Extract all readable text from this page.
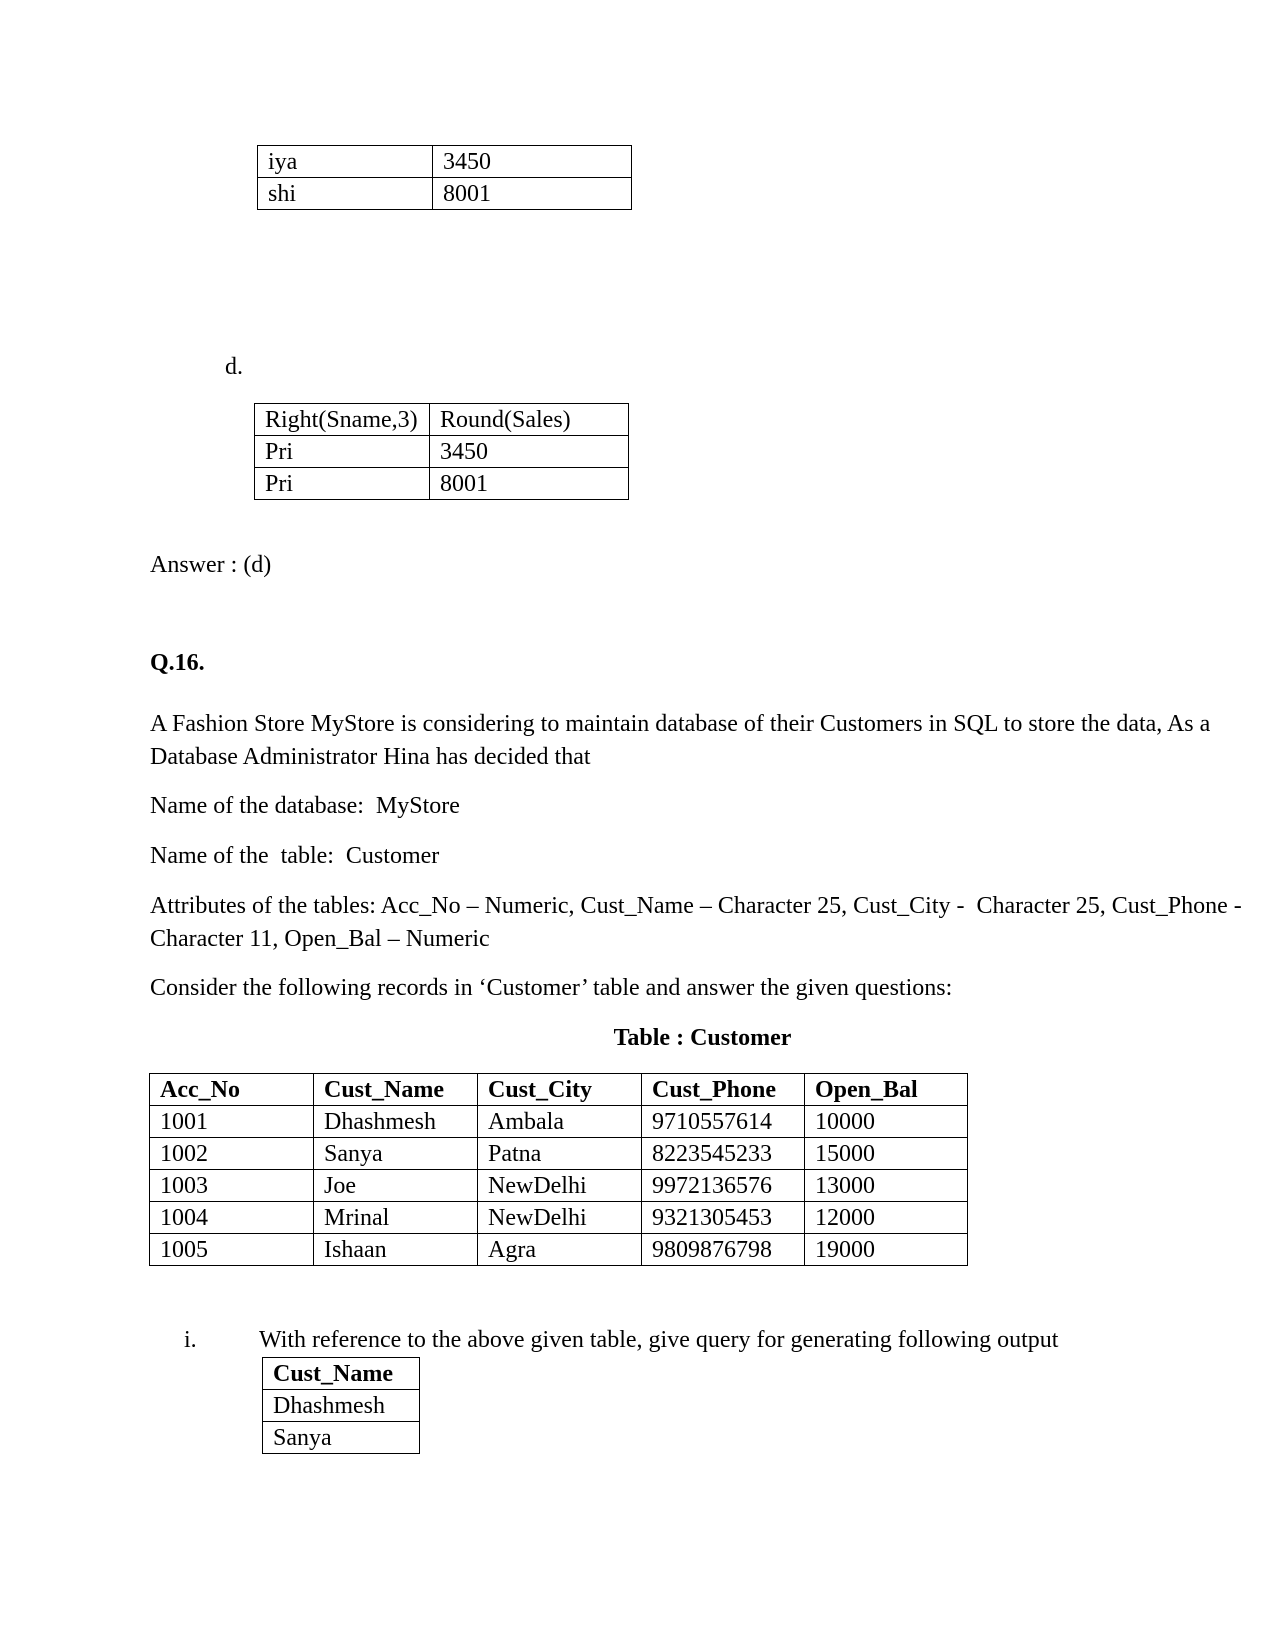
iya	3450
shi	8001
d.
Right(Sname,3)	Round(Sales)
Pri	3450
Pri	8001
Answer : (d)
Q.16.

A Fashion Store MyStore is considering to maintain database of their Customers in SQL to store the data, As a Database Administrator Hina has decided that

Name of the database:  MyStore

Name of the  table:  Customer

Attributes of the tables: Acc_No – Numeric, Cust_Name – Character 25, Cust_City -  Character 25, Cust_Phone - Character 11, Open_Bal – Numeric

Consider the following records in ‘Customer’ table and answer the given questions:

Table : Customer
Acc_No	Cust_Name	Cust_City	Cust_Phone	Open_Bal
1001	Dhashmesh	Ambala	9710557614	10000
1002	Sanya	Patna	8223545233	15000
1003	Joe	NewDelhi	9972136576	13000
1004	Mrinal	NewDelhi	9321305453	12000
1005	Ishaan	Agra	9809876798	19000
i.	With reference to the above given table, give query for generating following output
Cust_Name
Dhashmesh
Sanya
